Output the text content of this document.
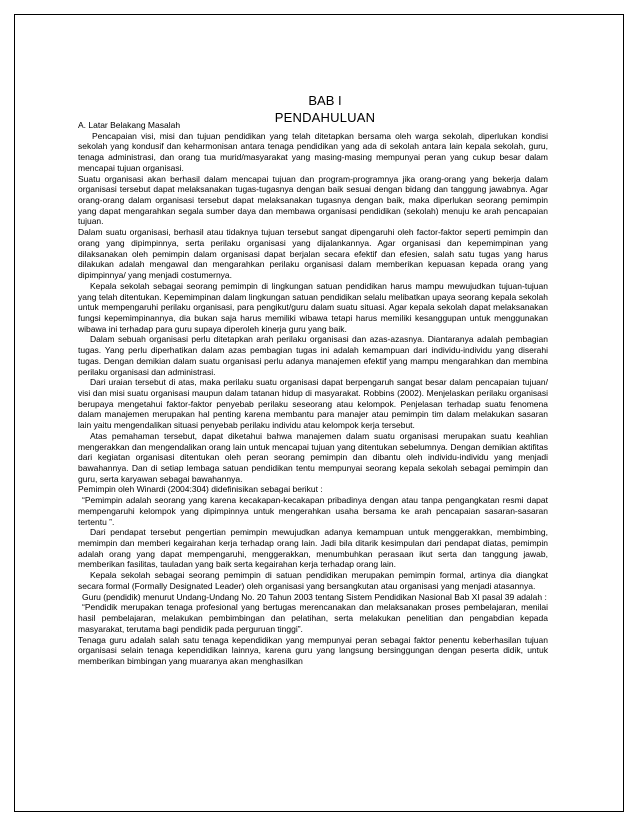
BAB I
PENDAHULUAN

A. Latar Belakang Masalah

Pencapaian visi, misi dan tujuan pendidikan yang telah ditetapkan bersama oleh warga sekolah, diperlukan kondisi sekolah yang kondusif dan keharmonisan antara tenaga pendidikan yang ada di sekolah antara lain kepala sekolah, guru, tenaga administrasi, dan orang tua murid/masyarakat yang masing-masing mempunyai peran yang cukup besar dalam mencapai tujuan organisasi.

Suatu organisasi akan berhasil dalam mencapai tujuan dan program-programnya jika orang-orang yang bekerja dalam organisasi tersebut dapat melaksanakan tugas-tugasnya dengan baik sesuai dengan bidang dan tanggung jawabnya. Agar orang-orang dalam organisasi tersebut dapat melaksanakan tugasnya dengan baik, maka diperlukan seorang pemimpin yang dapat mengarahkan segala sumber daya dan membawa organisasi pendidikan (sekolah) menuju ke arah pencapaian tujuan.

Dalam suatu organisasi, berhasil atau tidaknya tujuan tersebut sangat dipengaruhi oleh factor-faktor seperti pemimpin dan orang yang dipimpinnya, serta perilaku organisasi yang dijalankannya. Agar organisasi dan kepemimpinan yang dilaksanakan oleh pemimpin dalam organisasi dapat berjalan secara efektif dan efesien, salah satu tugas yang harus dilakukan adalah mengawal dan mengarahkan perilaku organisasi dalam memberikan kepuasan kepada orang yang dipimpinnya/ yang menjadi costumernya.

Kepala sekolah sebagai seorang pemimpin di lingkungan satuan pendidikan harus mampu mewujudkan tujuan-tujuan yang telah ditentukan. Kepemimpinan dalam lingkungan satuan pendidikan selalu melibatkan upaya seorang kepala sekolah untuk mempengaruhi perilaku organisasi, para pengikut/guru dalam suatu situasi. Agar kepala sekolah dapat melaksanakan fungsi kepemimpinannya, dia bukan saja harus memiliki wibawa tetapi harus memiliki kesanggupan untuk menggunakan wibawa ini terhadap para guru supaya diperoleh kinerja guru yang baik.

Dalam sebuah organisasi perlu ditetapkan arah perilaku organisasi dan azas-azasnya. Diantaranya adalah pembagian tugas. Yang perlu diperhatikan dalam azas pembagian tugas ini adalah kemampuan dari individu-individu yang diserahi tugas. Dengan demikian dalam suatu organisasi perlu adanya manajemen efektif yang mampu mengarahkan dan membina perilaku organisasi dan administrasi.

Dari uraian tersebut di atas, maka perilaku suatu organisasi dapat berpengaruh sangat besar dalam pencapaian tujuan/ visi dan misi suatu organisasi maupun dalam tatanan hidup di masyarakat. Robbins (2002). Menjelaskan perilaku organisasi berupaya mengetahui faktor-faktor penyebab perilaku seseorang atau kelompok. Penjelasan terhadap suatu fenomena dalam manajemen merupakan hal penting karena membantu para manajer atau pemimpin tim dalam melakukan sasaran lain yaitu mengendalikan situasi penyebab perilaku individu atau kelompok kerja tersebut.

Atas pemahaman tersebut, dapat diketahui bahwa manajemen dalam suatu organisasi merupakan suatu keahlian mengerakkan dan mengendalikan orang lain untuk mencapai tujuan yang ditentukan sebelumnya. Dengan demikian aktifitas dari kegiatan organisasi ditentukan oleh peran seorang pemimpin dan dibantu oleh individu-individu yang menjadi bawahannya. Dan di setiap lembaga satuan pendidikan tentu mempunyai seorang kepala sekolah sebagai pemimpin dan guru, serta karyawan sebagai bawahannya.

Pemimpin oleh Winardi (2004:304) didefinisikan sebagai berikut :

“Pemimpin adalah seorang yang karena kecakapan-kecakapan pribadinya dengan atau tanpa pengangkatan resmi dapat mempengaruhi kelompok yang dipimpinnya untuk mengerahkan usaha bersama ke arah pencapaian sasaran-sasaran tertentu ”.

Dari pendapat tersebut pengertian pemimpin mewujudkan adanya kemampuan untuk menggerakkan, membimbing, memimpin dan memberi kegairahan kerja terhadap orang lain. Jadi bila ditarik kesimpulan dari pendapat diatas, pemimpin adalah orang yang dapat mempengaruhi, menggerakkan, menumbuhkan perasaan ikut serta dan tanggung jawab, memberikan fasilitas, tauladan yang baik serta kegairahan kerja terhadap orang lain.

Kepala sekolah sebagai seorang pemimpin di satuan pendidikan merupakan pemimpin formal, artinya dia diangkat secara formal (Formally Designated Leader) oleh organisasi yang bersangkutan atau organisasi yang menjadi atasannya.

Guru (pendidik) menurut Undang-Undang No. 20 Tahun 2003 tentang Sistem Pendidikan Nasional Bab XI pasal 39 adalah :

“Pendidik merupakan tenaga profesional yang bertugas merencanakan dan melaksanakan proses pembelajaran, menilai hasil pembelajaran, melakukan pembimbingan dan pelatihan, serta melakukan penelitian dan pengabdian kepada masyarakat, terutama bagi pendidik pada perguruan tinggi”.

Tenaga guru adalah salah satu tenaga kependidikan yang mempunyai peran sebagai faktor penentu keberhasilan tujuan organisasi selain tenaga kependidikan lainnya, karena guru yang langsung bersinggungan dengan peserta didik, untuk memberikan bimbingan yang muaranya akan menghasilkan
